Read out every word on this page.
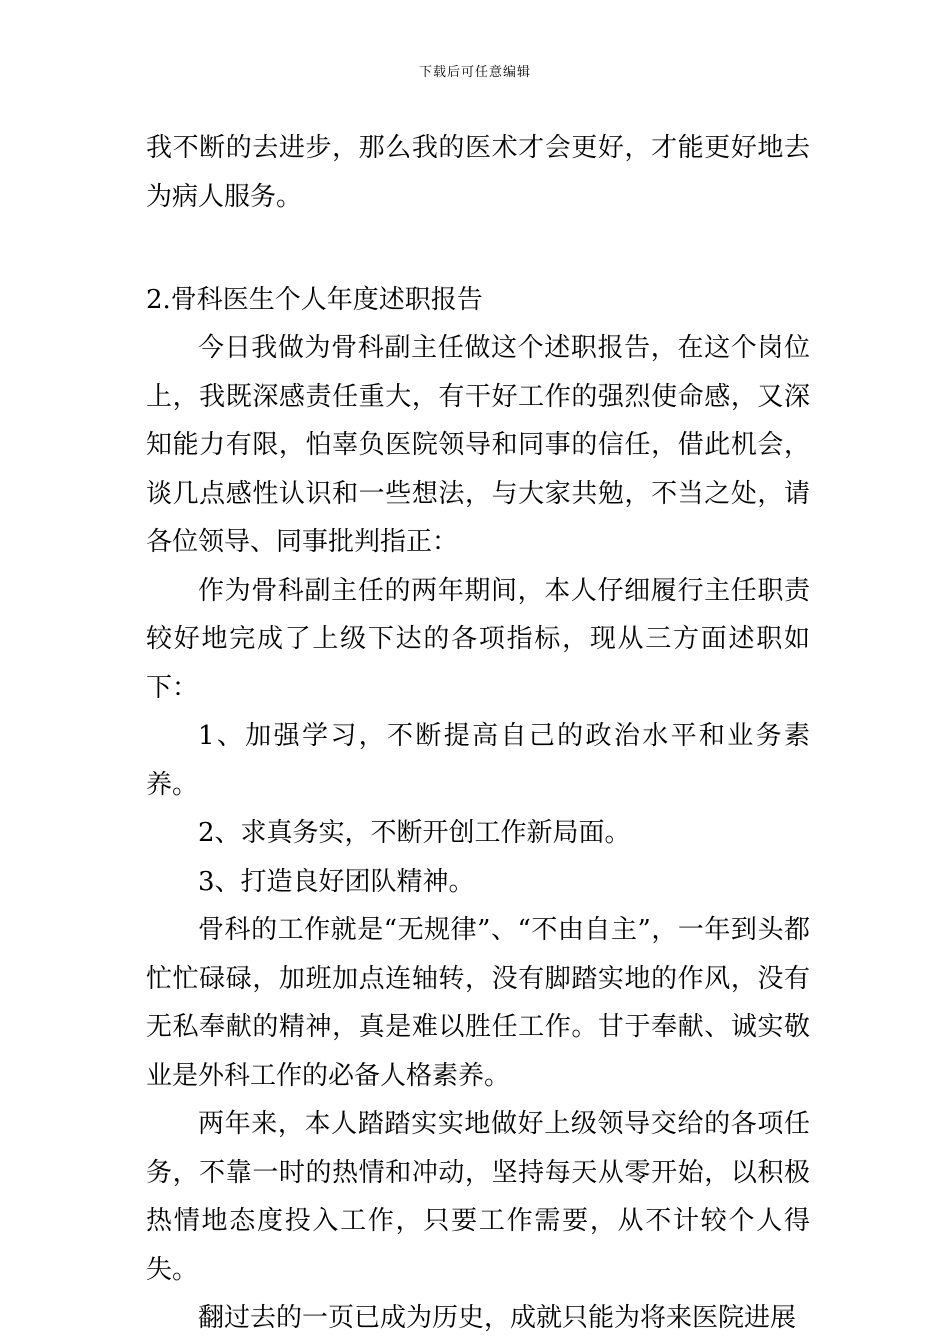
下载后可任意编辑

我不断的去进步，那么我的医术才会更好，才能更好地去为病人服务。

2.骨科医生个人年度述职报告

今日我做为骨科副主任做这个述职报告，在这个岗位上，我既深感责任重大，有干好工作的强烈使命感，又深知能力有限，怕辜负医院领导和同事的信任，借此机会，谈几点感性认识和一些想法，与大家共勉，不当之处，请各位领导、同事批判指正：

作为骨科副主任的两年期间，本人仔细履行主任职责较好地完成了上级下达的各项指标，现从三方面述职如下：

1、加强学习，不断提高自己的政治水平和业务素养。

2、求真务实，不断开创工作新局面。

3、打造良好团队精神。

骨科的工作就是“无规律”、“不由自主”，一年到头都忙忙碌碌，加班加点连轴转，没有脚踏实地的作风，没有无私奉献的精神，真是难以胜任工作。甘于奉献、诚实敬业是外科工作的必备人格素养。

两年来，本人踏踏实实地做好上级领导交给的各项任务，不靠一时的热情和冲动，坚持每天从零开始，以积极热情地态度投入工作，只要工作需要，从不计较个人得失。

翻过去的一页已成为历史，成就只能为将来医院进展
